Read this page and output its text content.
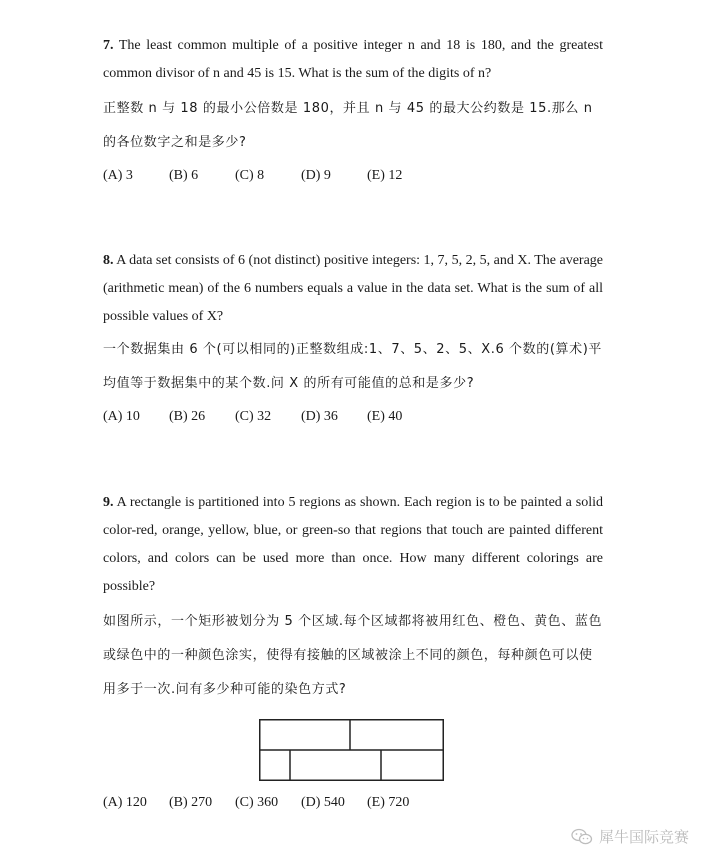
7. The least common multiple of a positive integer n and 18 is 180, and the greatest common divisor of n and 45 is 15. What is the sum of the digits of n?

正整数 n 与 18 的最小公倍数是 180，并且 n 与 45 的最大公约数是 15.那么 n 的各位数字之和是多少?

(A) 3	(B) 6	(C) 8	(D) 9	(E) 12

8. A data set consists of 6 (not distinct) positive integers: 1, 7, 5, 2, 5, and X. The average (arithmetic mean) of the 6 numbers equals a value in the data set. What is the sum of all possible values of X?

一个数据集由 6 个(可以相同的)正整数组成:1、7、5、2、5、X.6 个数的(算术)平均值等于数据集中的某个数.问 X 的所有可能值的总和是多少?

(A) 10	(B) 26	(C) 32	(D) 36	(E) 40

9. A rectangle is partitioned into 5 regions as shown. Each region is to be painted a solid color-red, orange, yellow, blue, or green-so that regions that touch are painted different colors, and colors can be used more than once. How many different colorings are possible?

如图所示，一个矩形被划分为 5 个区域.每个区域都将被用红色、橙色、黄色、蓝色或绿色中的一种颜色涂实，使得有接触的区域被涂上不同的颜色，每种颜色可以使用多于一次.问有多少种可能的染色方式?

(A) 120	(B) 270	(C) 360	(D) 540	(E) 720

犀牛国际竞赛
